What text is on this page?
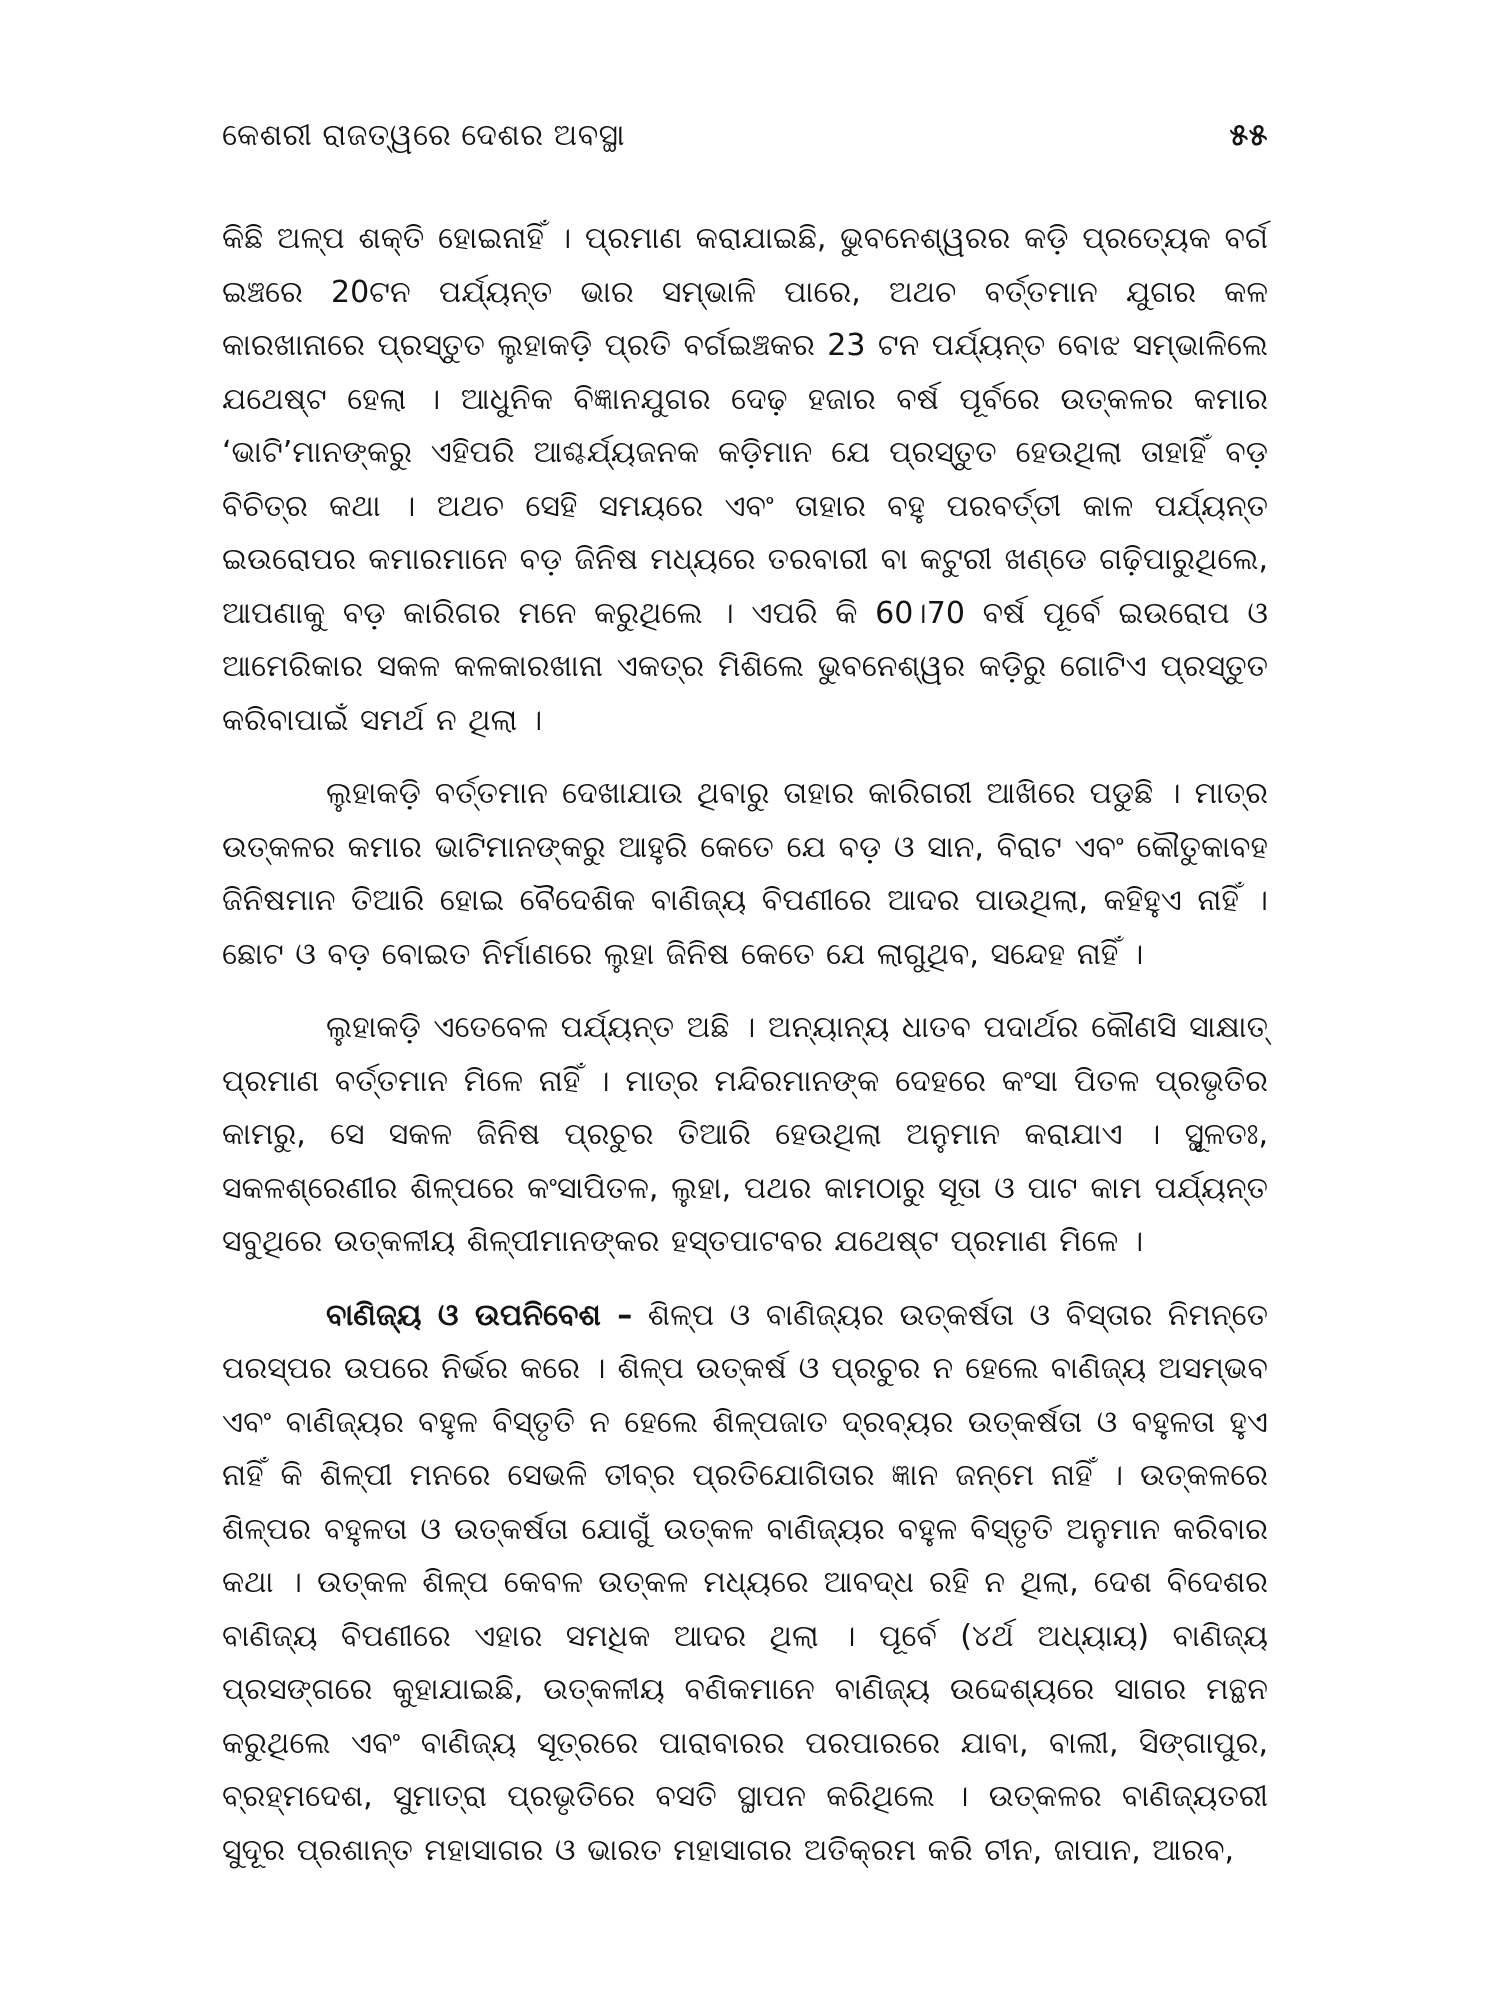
କେଶରୀ ରାଜତ୍ୱରେ ଦେଶର ଅବସ୍ଥା	୫୫

କିଛି ଅଳ୍ପ ଶକ୍ତି ହୋଇନାହିଁ । ପ୍ରମାଣ କରାଯାଇଛି, ଭୁବନେଶ୍ୱରର କଡ଼ି ପ୍ରତ୍ୟେକ ବର୍ଗ ଇଞ୍ଚରେ 20ଟନ ପର୍ଯ୍ୟନ୍ତ ଭାର ସମ୍ଭାଳି ପାରେ, ଅଥଚ ବର୍ତ୍ତମାନ ଯୁଗର କଳ କାରଖାନାରେ ପ୍ରସ୍ତୁତ ଲୁହାକଡ଼ି ପ୍ରତି ବର୍ଗଇଞ୍ଚକର 23 ଟନ ପର୍ଯ୍ୟନ୍ତ ବୋଝ ସମ୍ଭାଳିଲେ ଯଥେଷ୍ଟ ହେଲା । ଆଧୁନିକ ବିଜ୍ଞାନଯୁଗର ଦେଢ଼ ହଜାର ବର୍ଷ ପୂର୍ବରେ ଉତ୍କଳର କମାର ‘ଭାଟି’ମାନଙ୍କରୁ ଏହିପରି ଆଶ୍ଚର୍ଯ୍ୟଜନକ କଡ଼ିମାନ ଯେ ପ୍ରସ୍ତୁତ ହେଉଥିଲା ତାହାହିଁ ବଡ଼ ବିଚିତ୍ର କଥା । ଅଥଚ ସେହି ସମୟରେ ଏବଂ ତାହାର ବହୁ ପରବର୍ତ୍ତୀ କାଳ ପର୍ଯ୍ୟନ୍ତ ଇଉରୋପର କମାରମାନେ ବଡ଼ ଜିନିଷ ମଧ୍ୟରେ ତରବାରୀ ବା କଟୁରୀ ଖଣ୍ଡେ ଗଢ଼ିପାରୁଥିଲେ, ଆପଣାକୁ ବଡ଼ କାରିଗର ମନେ କରୁଥିଲେ । ଏପରି କି 60।70 ବର୍ଷ ପୂର୍ବେ ଇଉରୋପ ଓ ଆମେରିକାର ସକଳ କଳକାରଖାନା ଏକତ୍ର ମିଶିଲେ ଭୁବନେଶ୍ୱର କଡ଼ିରୁ ଗୋଟିଏ ପ୍ରସ୍ତୁତ କରିବାପାଇଁ ସମର୍ଥ ନ ଥିଲା ।

ଲୁହାକଡ଼ି ବର୍ତ୍ତମାନ ଦେଖାଯାଉ ଥିବାରୁ ତାହାର କାରିଗରୀ ଆଖିରେ ପଡୁଛି । ମାତ୍ର ଉତ୍କଳର କମାର ଭାଟିମାନଙ୍କରୁ ଆହୁରି କେତେ ଯେ ବଡ଼ ଓ ସାନ, ବିରାଟ ଏବଂ କୌତୁକାବହ ଜିନିଷମାନ ତିଆରି ହୋଇ ବୈଦେଶିକ ବାଣିଜ୍ୟ ବିପଣୀରେ ଆଦର ପାଉଥିଲା, କହିହୁଏ ନାହିଁ । ଛୋଟ ଓ ବଡ଼ ବୋଇତ ନିର୍ମାଣରେ ଲୁହା ଜିନିଷ କେତେ ଯେ ଲାଗୁଥିବ, ସନ୍ଦେହ ନାହିଁ ।

ଲୁହାକଡ଼ି ଏତେବେଳ ପର୍ଯ୍ୟନ୍ତ ଅଛି । ଅନ୍ୟାନ୍ୟ ଧାତବ ପଦାର୍ଥର କୌଣସି ସାକ୍ଷାତ୍ ପ୍ରମାଣ ବର୍ତ୍ତମାନ ମିଳେ ନାହିଁ । ମାତ୍ର ମନ୍ଦିରମାନଙ୍କ ଦେହରେ କଂସା ପିତଳ ପ୍ରଭୃତିର କାମରୁ, ସେ ସକଳ ଜିନିଷ ପ୍ରଚୁର ତିଆରି ହେଉଥିଲା ଅନୁମାନ କରାଯାଏ । ସ୍ଥୂଳତଃ, ସକଳଶ୍ରେଣୀର ଶିଳ୍ପରେ କଂସାପିତଳ, ଲୁହା, ପଥର କାମଠାରୁ ସୂତା ଓ ପାଟ କାମ ପର୍ଯ୍ୟନ୍ତ ସବୁଥିରେ ଉତ୍କଳୀୟ ଶିଳ୍ପୀମାନଙ୍କର ହସ୍ତପାଟବର ଯଥେଷ୍ଟ ପ୍ରମାଣ ମିଳେ ।

ବାଣିଜ୍ୟ ଓ ଉପନିବେଶ – ଶିଳ୍ପ ଓ ବାଣିଜ୍ୟର ଉତ୍କର୍ଷତା ଓ ବିସ୍ତାର ନିମନ୍ତେ ପରସ୍ପର ଉପରେ ନିର୍ଭର କରେ । ଶିଳ୍ପ ଉତ୍କର୍ଷ ଓ ପ୍ରଚୁର ନ ହେଲେ ବାଣିଜ୍ୟ ଅସମ୍ଭବ ଏବଂ ବାଣିଜ୍ୟର ବହୁଳ ବିସ୍ତୃତି ନ ହେଲେ ଶିଳ୍ପଜାତ ଦ୍ରବ୍ୟର ଉତ୍କର୍ଷତା ଓ ବହୁଳତା ହୁଏ ନାହିଁ କି ଶିଳ୍ପୀ ମନରେ ସେଭଳି ତୀବ୍ର ପ୍ରତିଯୋଗିତାର ଜ୍ଞାନ ଜନ୍ମେ ନାହିଁ । ଉତ୍କଳରେ ଶିଳ୍ପର ବହୁଳତା ଓ ଉତ୍କର୍ଷତା ଯୋଗୁଁ ଉତ୍କଳ ବାଣିଜ୍ୟର ବହୁଳ ବିସ୍ତୃତି ଅନୁମାନ କରିବାର କଥା । ଉତ୍କଳ ଶିଳ୍ପ କେବଳ ଉତ୍କଳ ମଧ୍ୟରେ ଆବଦ୍ଧ ରହି ନ ଥିଲା, ଦେଶ ବିଦେଶର ବାଣିଜ୍ୟ ବିପଣୀରେ ଏହାର ସମଧିକ ଆଦର ଥିଲା । ପୂର୍ବେ (୪ର୍ଥ ଅଧ୍ୟାୟ) ବାଣିଜ୍ୟ ପ୍ରସଙ୍ଗରେ କୁହାଯାଇଛି, ଉତ୍କଳୀୟ ବଣିକମାନେ ବାଣିଜ୍ୟ ଉଦ୍ଦେଶ୍ୟରେ ସାଗର ମନ୍ଥନ କରୁଥିଲେ ଏବଂ ବାଣିଜ୍ୟ ସୂତ୍ରରେ ପାରାବାରର ପରପାରରେ ଯାବା, ବାଲୀ, ସିଙ୍ଗାପୁର, ବ୍ରହ୍ମଦେଶ, ସୁମାତ୍ରା ପ୍ରଭୃତିରେ ବସତି ସ୍ଥାପନ କରିଥିଲେ । ଉତ୍କଳର ବାଣିଜ୍ୟତରୀ ସୁଦୂର ପ୍ରଶାନ୍ତ ମହାସାଗର ଓ ଭାରତ ମହାସାଗର ଅତିକ୍ରମ କରି ଚୀନ, ଜାପାନ, ଆରବ,
